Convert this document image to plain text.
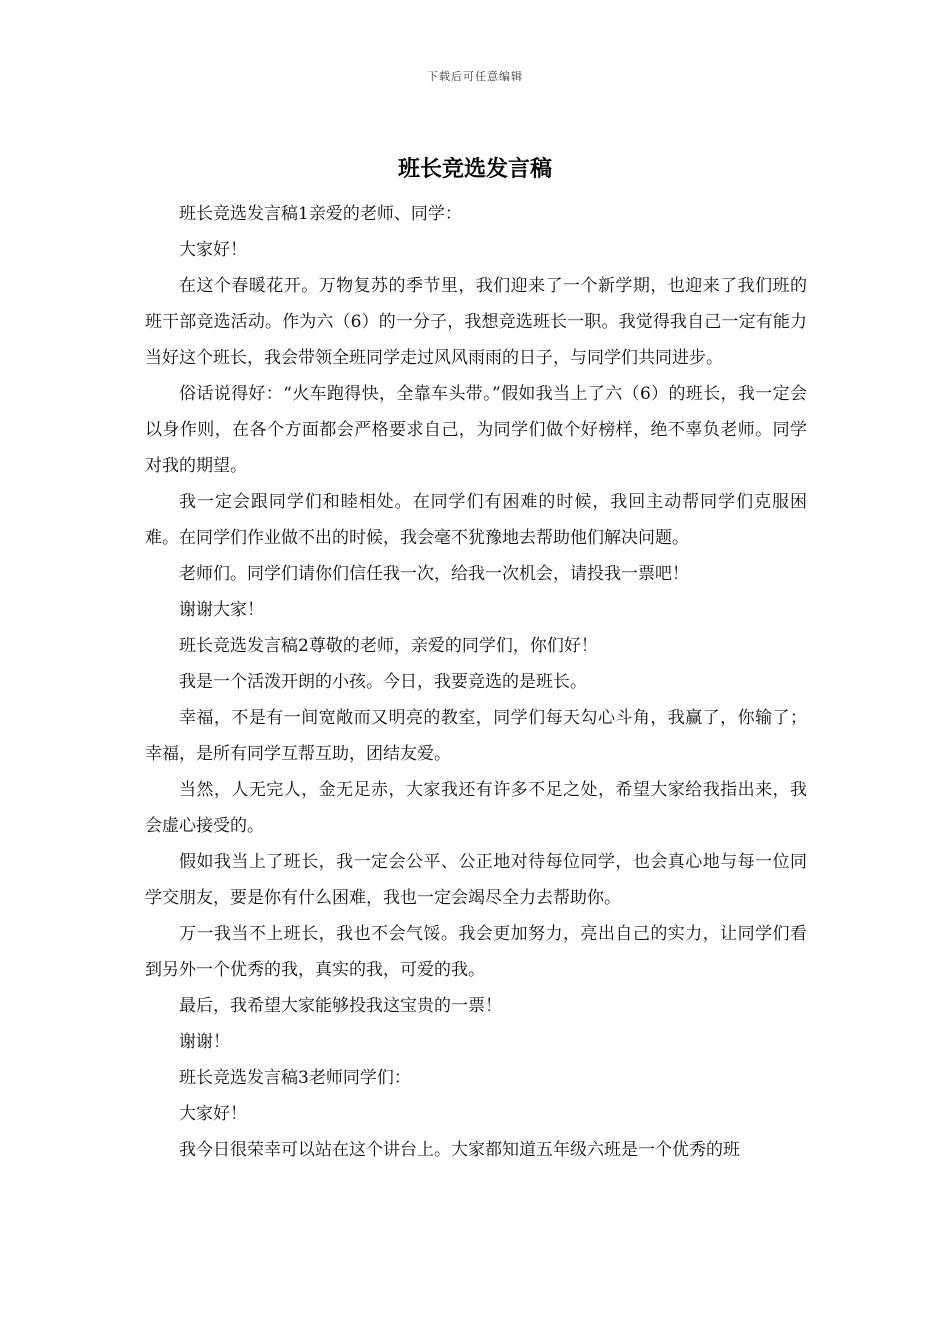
下载后可任意编辑
班长竞选发言稿

班长竞选发言稿1亲爱的老师、同学：

大家好！

在这个春暖花开。万物复苏的季节里，我们迎来了一个新学期，也迎来了我们班的班干部竞选活动。作为六（6）的一分子，我想竞选班长一职。我觉得我自己一定有能力当好这个班长，我会带领全班同学走过风风雨雨的日子，与同学们共同进步。

俗话说得好：“火车跑得快，全靠车头带。”假如我当上了六（6）的班长，我一定会以身作则，在各个方面都会严格要求自己，为同学们做个好榜样，绝不辜负老师。同学对我的期望。

我一定会跟同学们和睦相处。在同学们有困难的时候，我回主动帮同学们克服困难。在同学们作业做不出的时候，我会毫不犹豫地去帮助他们解决问题。

老师们。同学们请你们信任我一次，给我一次机会，请投我一票吧！

谢谢大家！

班长竞选发言稿2尊敬的老师，亲爱的同学们，你们好！

我是一个活泼开朗的小孩。今日，我要竞选的是班长。

幸福，不是有一间宽敞而又明亮的教室，同学们每天勾心斗角，我赢了，你输了；幸福，是所有同学互帮互助，团结友爱。

当然，人无完人，金无足赤，大家我还有许多不足之处，希望大家给我指出来，我会虚心接受的。

假如我当上了班长，我一定会公平、公正地对待每位同学，也会真心地与每一位同学交朋友，要是你有什么困难，我也一定会竭尽全力去帮助你。

万一我当不上班长，我也不会气馁。我会更加努力，亮出自己的实力，让同学们看到另外一个优秀的我，真实的我，可爱的我。

最后，我希望大家能够投我这宝贵的一票！

谢谢！

班长竞选发言稿3老师同学们：

大家好！

我今日很荣幸可以站在这个讲台上。大家都知道五年级六班是一个优秀的班
